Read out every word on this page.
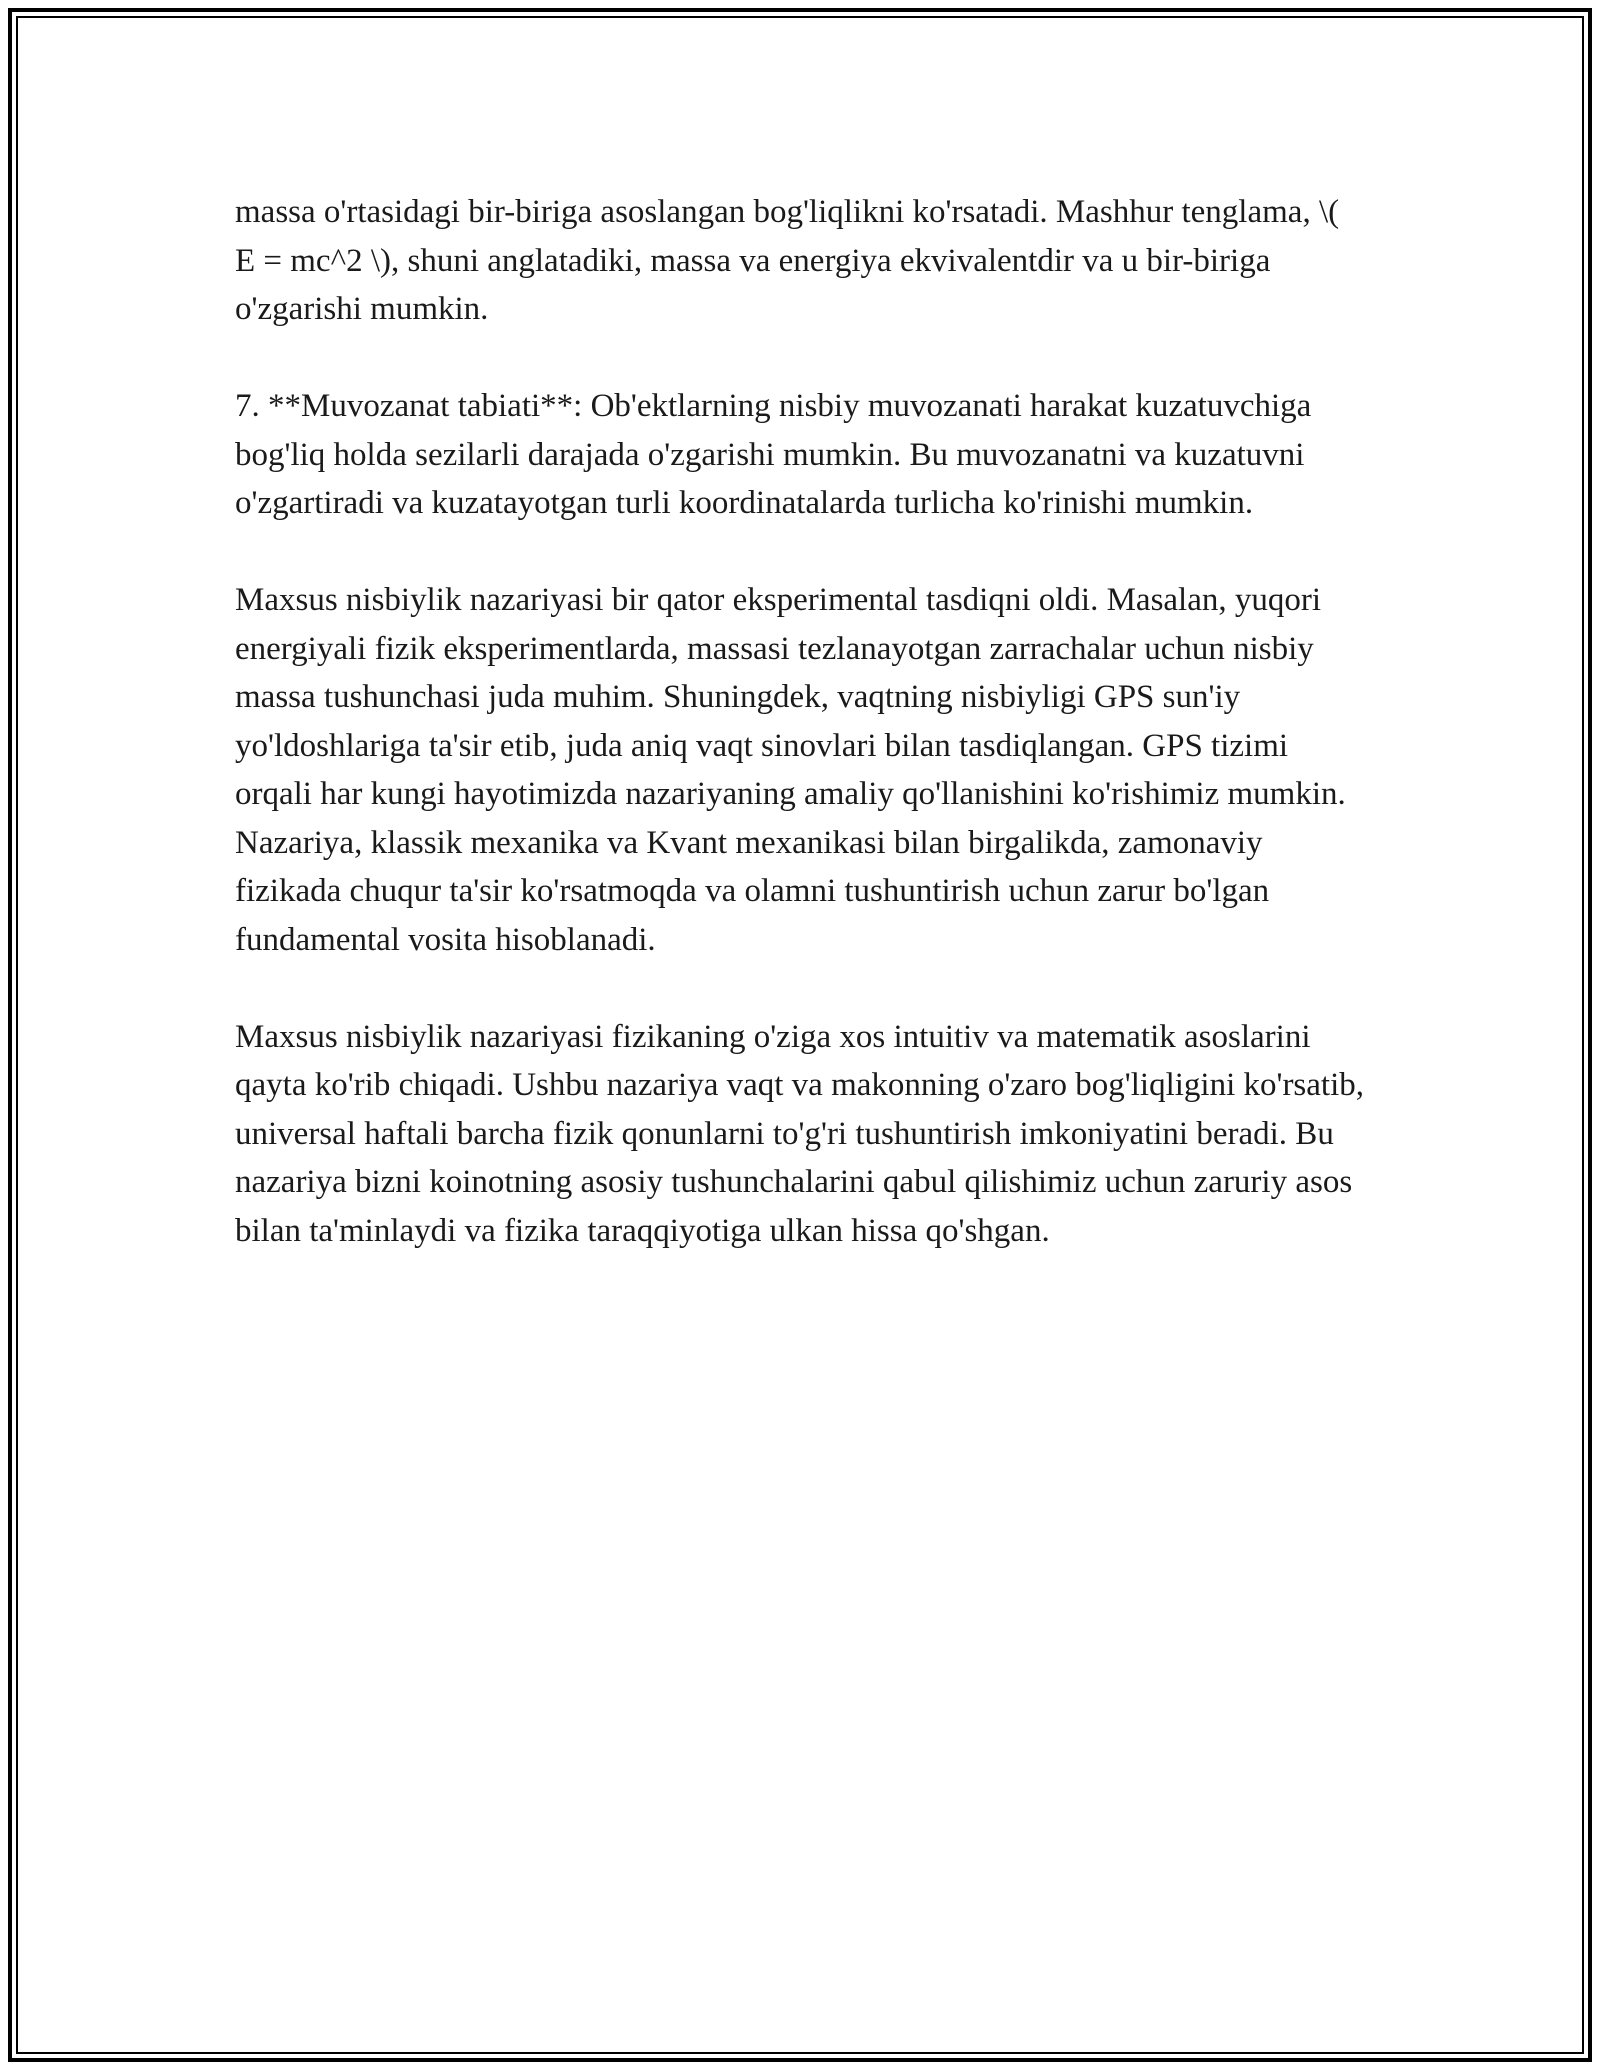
massa o'rtasidagi bir-biriga asoslangan bog'liqlikni ko'rsatadi. Mashhur tenglama, \( E = mc^2 \), shuni anglatadiki, massa va energiya ekvivalentdir va u bir-biriga o'zgarishi mumkin.

7. **Muvozanat tabiati**: Ob'ektlarning nisbiy muvozanati harakat kuzatuvchiga bog'liq holda sezilarli darajada o'zgarishi mumkin. Bu muvozanatni va kuzatuvni o'zgartiradi va kuzatayotgan turli koordinatalarda turlicha ko'rinishi mumkin.

Maxsus nisbiylik nazariyasi bir qator eksperimental tasdiqni oldi. Masalan, yuqori energiyali fizik eksperimentlarda, massasi tezlanayotgan zarrachalar uchun nisbiy massa tushunchasi juda muhim. Shuningdek, vaqtning nisbiyligi GPS sun'iy yo'ldoshlariga ta'sir etib, juda aniq vaqt sinovlari bilan tasdiqlangan. GPS tizimi orqali har kungi hayotimizda nazariyaning amaliy qo'llanishini ko'rishimiz mumkin. Nazariya, klassik mexanika va Kvant mexanikasi bilan birgalikda, zamonaviy fizikada chuqur ta'sir ko'rsatmoqda va olamni tushuntirish uchun zarur bo'lgan fundamental vosita hisoblanadi.

Maxsus nisbiylik nazariyasi fizikaning o'ziga xos intuitiv va matematik asoslarini qayta ko'rib chiqadi. Ushbu nazariya vaqt va makonning o'zaro bog'liqligini ko'rsatib, universal haftali barcha fizik qonunlarni to'g'ri tushuntirish imkoniyatini beradi. Bu nazariya bizni koinotning asosiy tushunchalarini qabul qilishimiz uchun zaruriy asos bilan ta'minlaydi va fizika taraqqiyotiga ulkan hissa qo'shgan.
